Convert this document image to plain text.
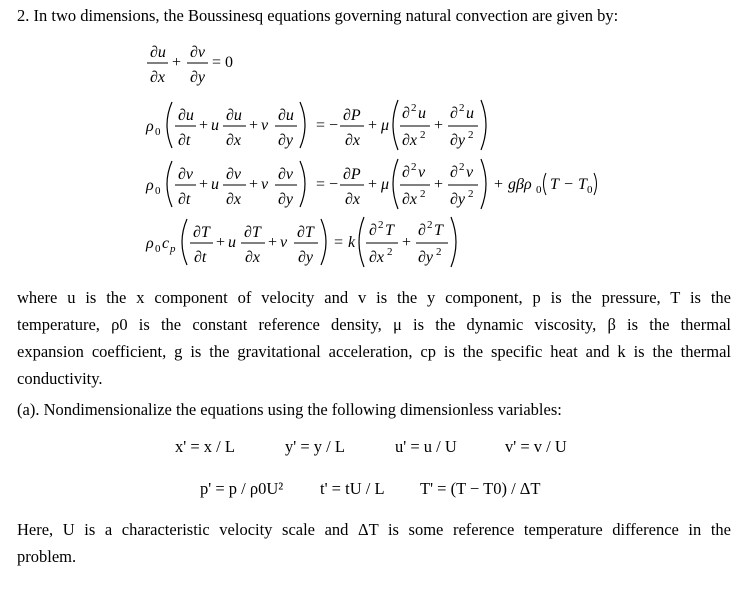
2. In two dimensions, the Boussinesq equations governing natural convection are given by:
∂u
∂x
+
∂v
∂y
= 0
ρ 0
∂u
∂t
+ u
∂u
∂x
+ v
∂u
∂y
= −
∂P
∂x
+ μ
∂ 2 u
∂x 2
+
∂ 2 u
∂y 2
ρ 0
∂v
∂t
+ u
∂v
∂x
+ v
∂v
∂y
= −
∂P
∂x
+ μ
∂ 2 v
∂x 2
+
∂ 2 v
∂y 2
+ gβρ 0 T − T 0
ρ 0 c p
∂T
∂t
+ u
∂T
∂x
+ v
∂T
∂y
= k
∂ 2 T
∂x 2
+
∂ 2 T
∂y 2
where u is the x component of velocity and v is the y component, p is the pressure, T is the
temperature, ρ0 is the constant reference density, μ is the dynamic viscosity, β is the thermal
expansion coefficient, g is the gravitational acceleration, cp is the specific heat and k is the thermal
conductivity.
(a). Nondimensionalize the equations using the following dimensionless variables:
x' = x / L	y' = y / L	u' = u / U	v' = v / U
p' = p / ρ0U² t' = tU / L T' = (T − T0) / ΔT
Here, U is a characteristic velocity scale and ΔT is some reference temperature difference in the
problem.
